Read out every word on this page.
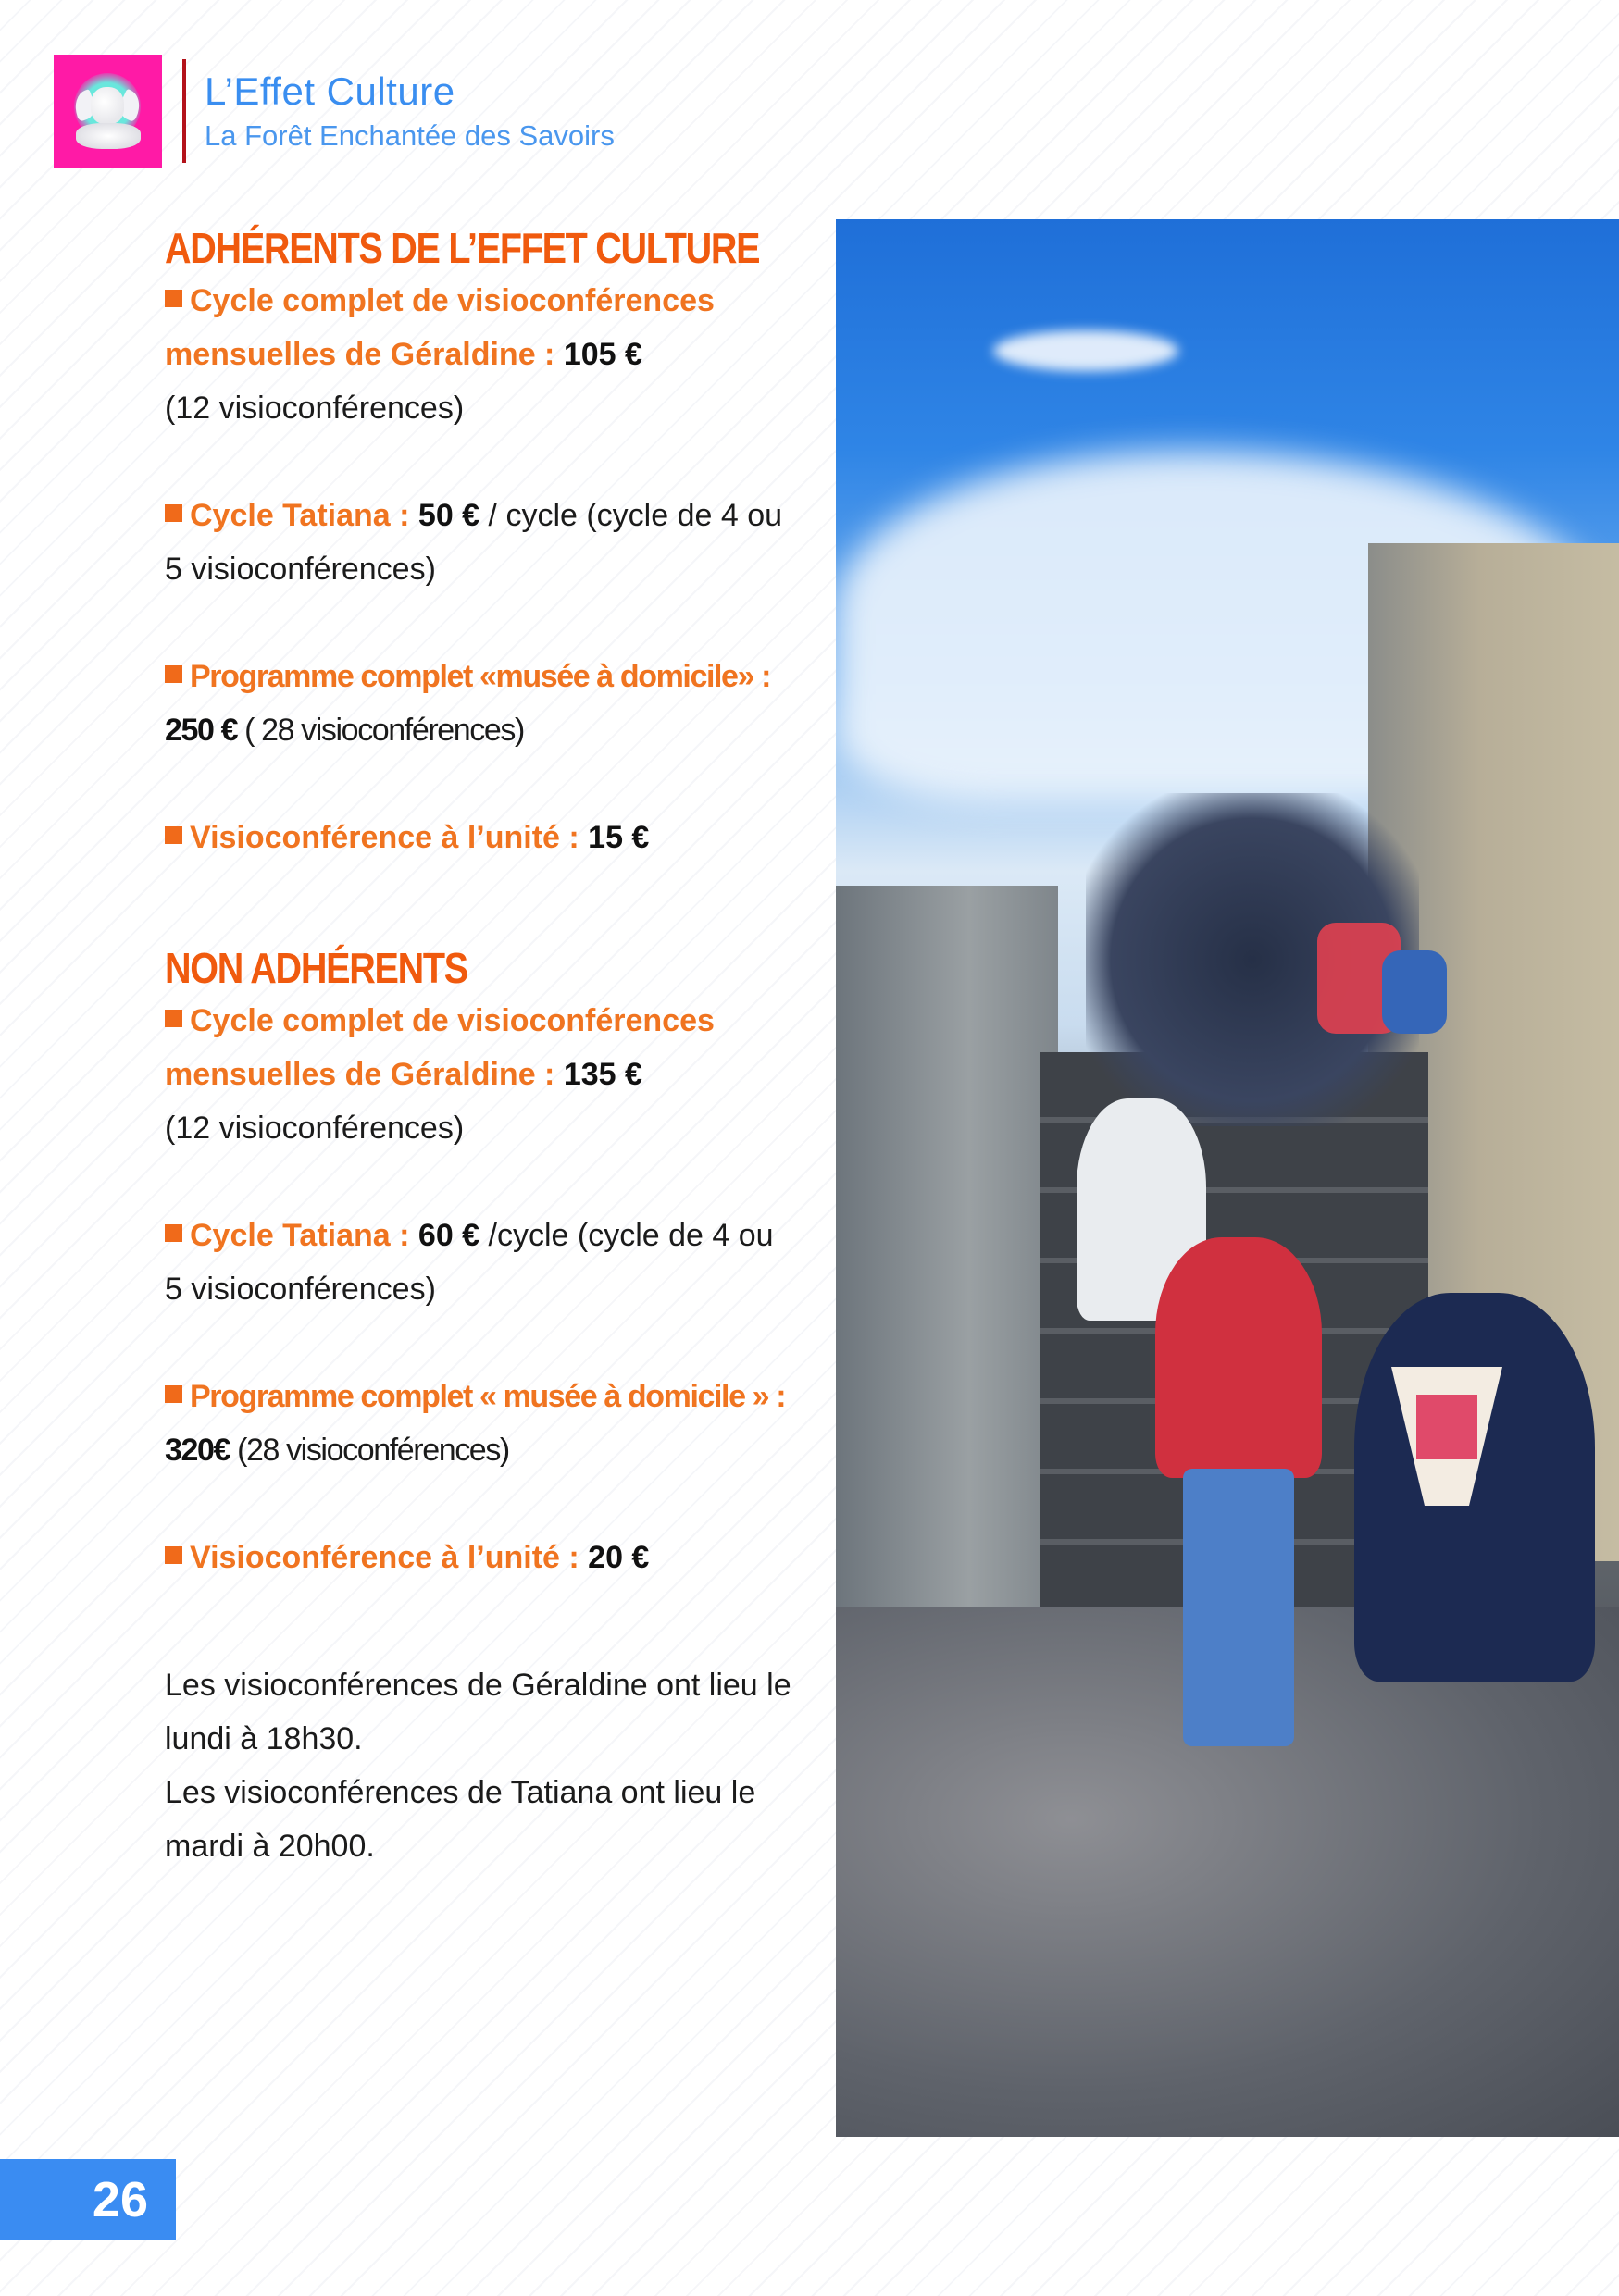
L’Effet Culture
La Forêt Enchantée des Savoirs
ADHÉRENTS DE L’EFFET CULTURE

Cycle complet de visioconférences mensuelles de Géraldine : 105 €
(12 visioconférences)

Cycle Tatiana : 50 € / cycle (cycle de 4 ou 5 visioconférences)

Programme complet «musée à domicile» : 250 € ( 28 visioconférences)

Visioconférence à l’unité : 15 €

NON ADHÉRENTS

Cycle complet de visioconférences mensuelles de Géraldine : 135 €
(12 visioconférences)

Cycle Tatiana : 60 € /cycle (cycle de 4 ou 5 visioconférences)

Programme complet « musée à domicile » : 320€ (28 visioconférences)

Visioconférence à l’unité : 20 €

Les visioconférences de Géraldine ont lieu le lundi à 18h30.
Les visioconférences de Tatiana ont lieu le mardi à 20h00.
26
